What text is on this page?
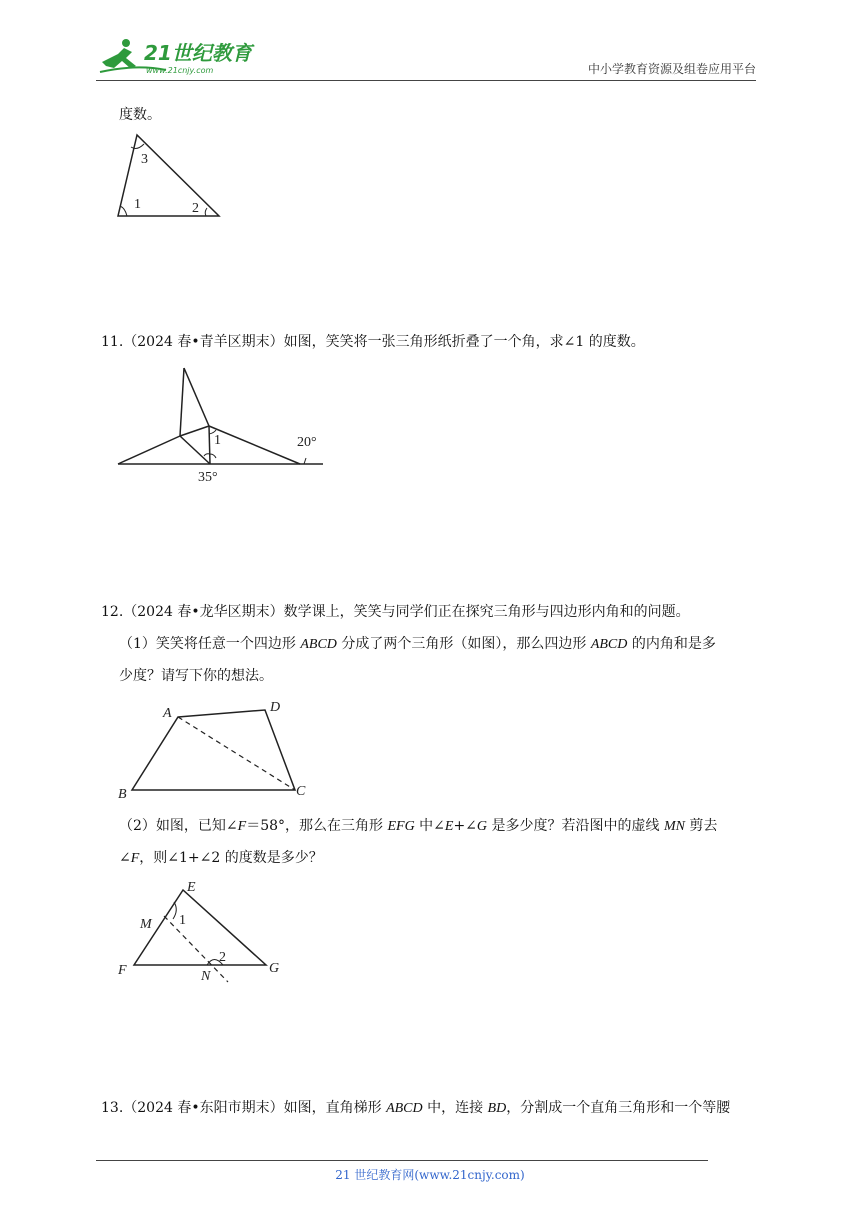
21世纪教育
www.21cnjy.com	中小学教育资源及组卷应用平台
度数。
3
1	2
11.（2024 春•青羊区期末）如图，笑笑将一张三角形纸折叠了一个角，求∠1 的度数。
1	20°
35°
12.（2024 春•龙华区期末）数学课上，笑笑与同学们正在探究三角形与四边形内角和的问题。
（1）笑笑将任意一个四边形 ABCD 分成了两个三角形（如图），那么四边形 ABCD 的内角和是多
少度？请写下你的想法。
A	D
C
B
（2）如图，已知∠F＝58°，那么在三角形 EFG 中∠E+∠G 是多少度？若沿图中的虚线 MN 剪去
∠F，则∠1+∠2 的度数是多少？
E
M
F	N
G
1
2
13.（2024 春•东阳市期末）如图，直角梯形 ABCD 中，连接 BD，分割成一个直角三角形和一个等腰
21 世纪教育网(www.21cnjy.com)
